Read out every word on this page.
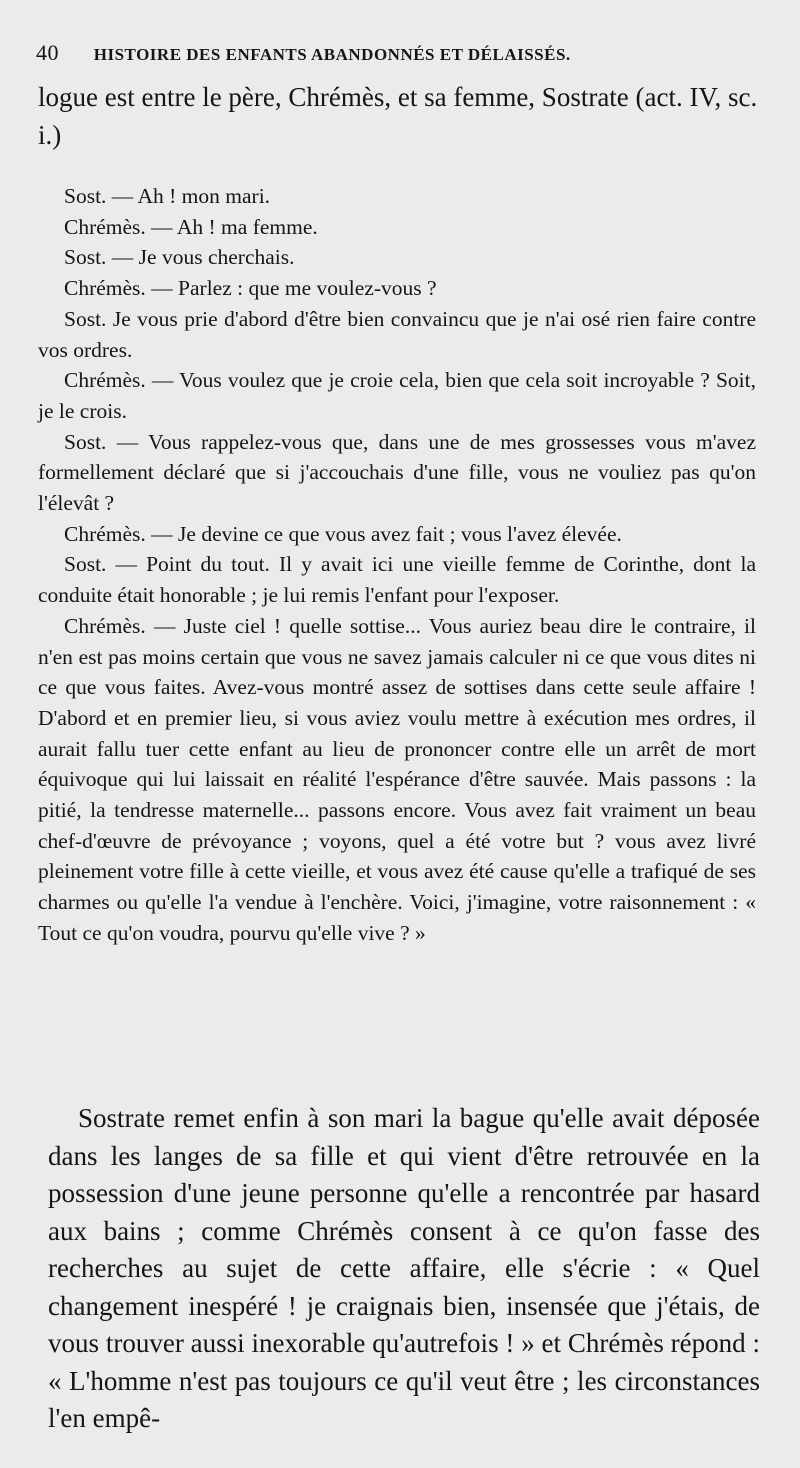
40 HISTOIRE DES ENFANTS ABANDONNÉS ET DÉLAISSÉS.
logue est entre le père, Chrémès, et sa femme, Sostrate (act. IV, sc. i.)

Sost. — Ah ! mon mari.

Chrémès. — Ah ! ma femme.

Sost. — Je vous cherchais.

Chrémès. — Parlez : que me voulez-vous ?

Sost. Je vous prie d'abord d'être bien convaincu que je n'ai osé rien faire contre vos ordres.

Chrémès. — Vous voulez que je croie cela, bien que cela soit incroyable ? Soit, je le crois.

Sost. — Vous rappelez-vous que, dans une de mes grossesses vous m'avez formellement déclaré que si j'accouchais d'une fille, vous ne vouliez pas qu'on l'élevât ?

Chrémès. — Je devine ce que vous avez fait ; vous l'avez élevée.

Sost. — Point du tout. Il y avait ici une vieille femme de Corinthe, dont la conduite était honorable ; je lui remis l'enfant pour l'exposer.

Chrémès. — Juste ciel ! quelle sottise... Vous auriez beau dire le contraire, il n'en est pas moins certain que vous ne savez jamais calculer ni ce que vous dites ni ce que vous faites. Avez-vous montré assez de sottises dans cette seule affaire ! D'abord et en premier lieu, si vous aviez voulu mettre à exécution mes ordres, il aurait fallu tuer cette enfant au lieu de prononcer contre elle un arrêt de mort équivoque qui lui laissait en réalité l'espérance d'être sauvée. Mais passons : la pitié, la tendresse maternelle... passons encore. Vous avez fait vraiment un beau chef-d'œuvre de prévoyance ; voyons, quel a été votre but ? vous avez livré pleinement votre fille à cette vieille, et vous avez été cause qu'elle a trafiqué de ses charmes ou qu'elle l'a vendue à l'enchère. Voici, j'imagine, votre raisonnement : « Tout ce qu'on voudra, pourvu qu'elle vive ? »

Sostrate remet enfin à son mari la bague qu'elle avait déposée dans les langes de sa fille et qui vient d'être retrouvée en la possession d'une jeune personne qu'elle a rencontrée par hasard aux bains ; comme Chrémès consent à ce qu'on fasse des recherches au sujet de cette affaire, elle s'écrie : « Quel changement inespéré ! je craignais bien, insensée que j'étais, de vous trouver aussi inexorable qu'autrefois ! » et Chrémès répond : « L'homme n'est pas toujours ce qu'il veut être ; les circonstances l'en empê-
